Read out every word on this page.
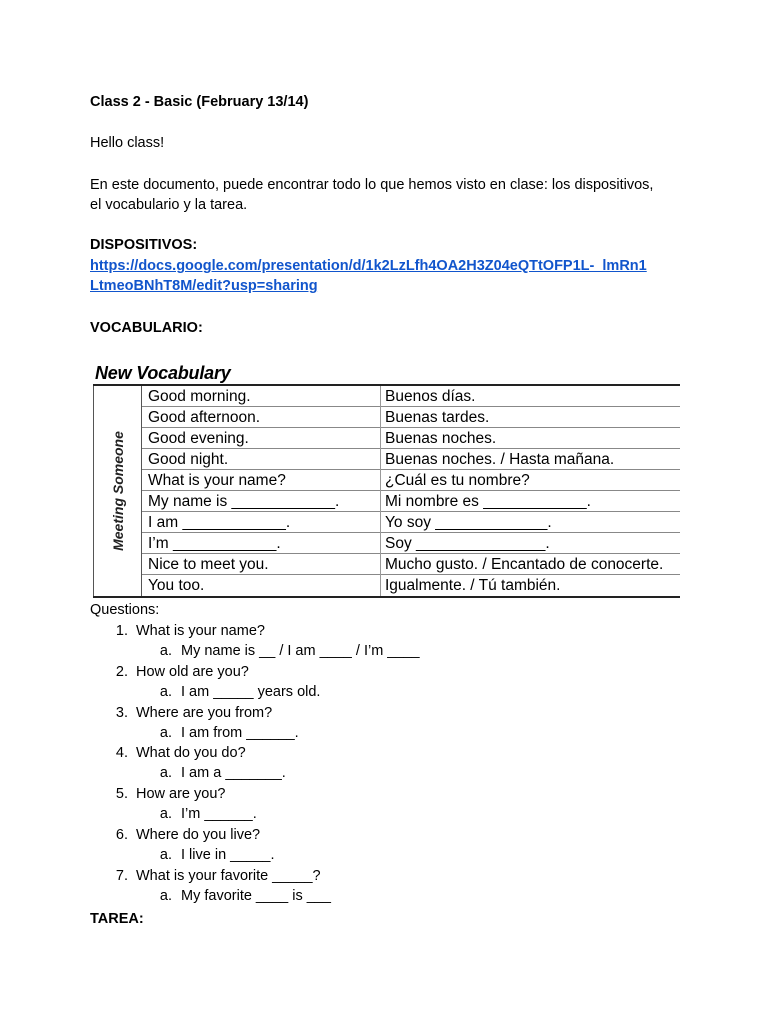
Class 2 - Basic (February 13/14)
Hello class!
En este documento, puede encontrar todo lo que hemos visto en clase: los dispositivos,
el vocabulario y la tarea.
DISPOSITIVOS:
https://docs.google.com/presentation/d/1k2LzLfh4OA2H3Z04eQTtOFP1L-_lmRn1
LtmeoBNhT8M/edit?usp=sharing
VOCABULARIO:
New Vocabulary
Meeting Someone
Good morning.	Buenos días.
Good afternoon.	Buenas tardes.
Good evening.	Buenas noches.
Good night.	Buenas noches. / Hasta mañana.
What is your name?	¿Cuál es tu nombre?
My name is ____________.	Mi nombre es ____________.
I am ____________.	Yo soy _____________.
I’m ____________.	Soy _______________.
Nice to meet you.	Mucho gusto. / Encantado de conocerte.
You too.	Igualmente. / Tú también.
Questions:
1. What is your name?
a. My name is __ / I am ____ / I’m ____
2. How old are you?
a. I am _____ years old.
3. Where are you from?
a. I am from ______.
4. What do you do?
a. I am a _______.
5. How are you?
a. I’m ______.
6. Where do you live?
a. I live in _____.
7. What is your favorite _____?
a. My favorite ____ is ___
TAREA:
